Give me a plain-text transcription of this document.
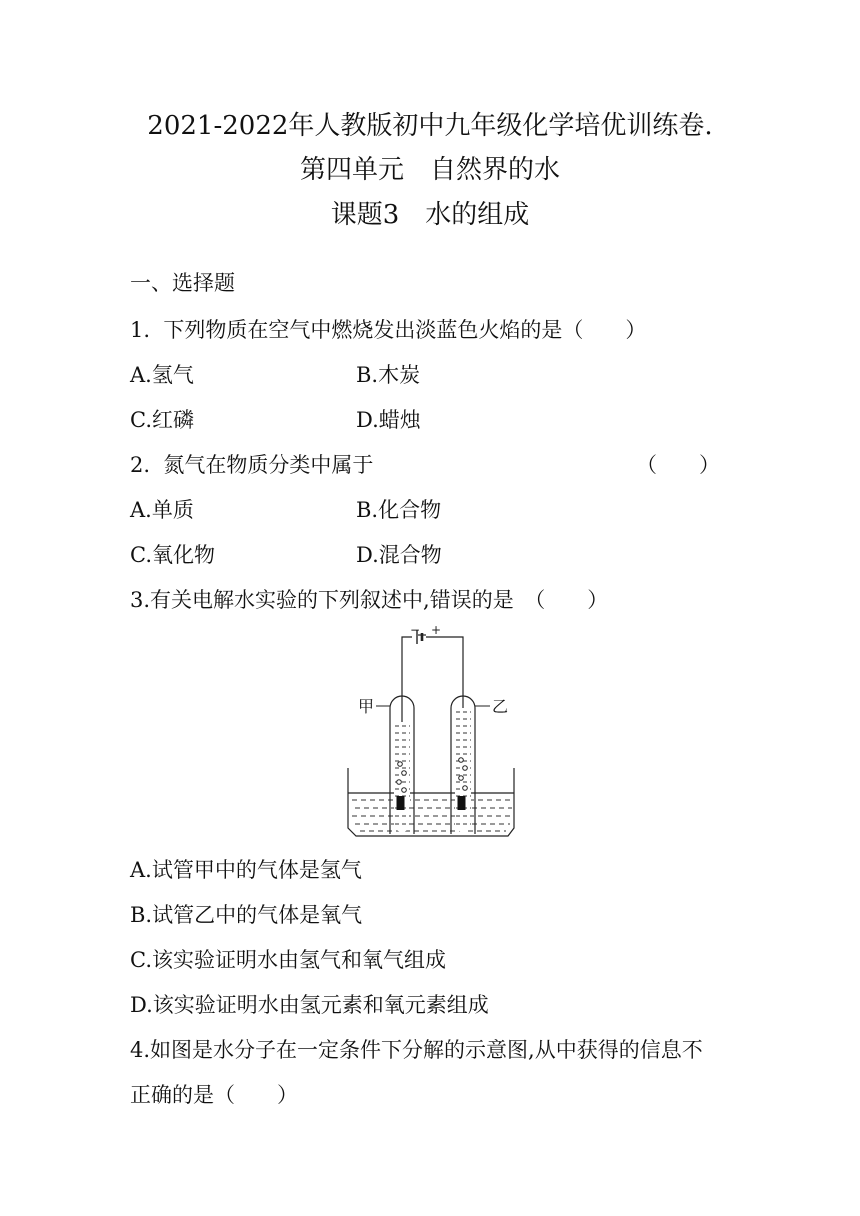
2021-2022年人教版初中九年级化学培优训练卷.
第四单元　自然界的水
课题3　水的组成
一、选择题
1.  下列物质在空气中燃烧发出淡蓝色火焰的是（　　）
A.氢气	B.木炭
C.红磷	D.蜡烛
2.  氮气在物质分类中属于	（　　）
A.单质	B.化合物
C.氧化物	D.混合物
3.有关电解水实验的下列叙述中,错误的是　（　　）
− +
甲	乙
A.试管甲中的气体是氢气
B.试管乙中的气体是氧气
C.该实验证明水由氢气和氧气组成
D.该实验证明水由氢元素和氧元素组成
4.如图是水分子在一定条件下分解的示意图,从中获得的信息不
正确的是（　　）
